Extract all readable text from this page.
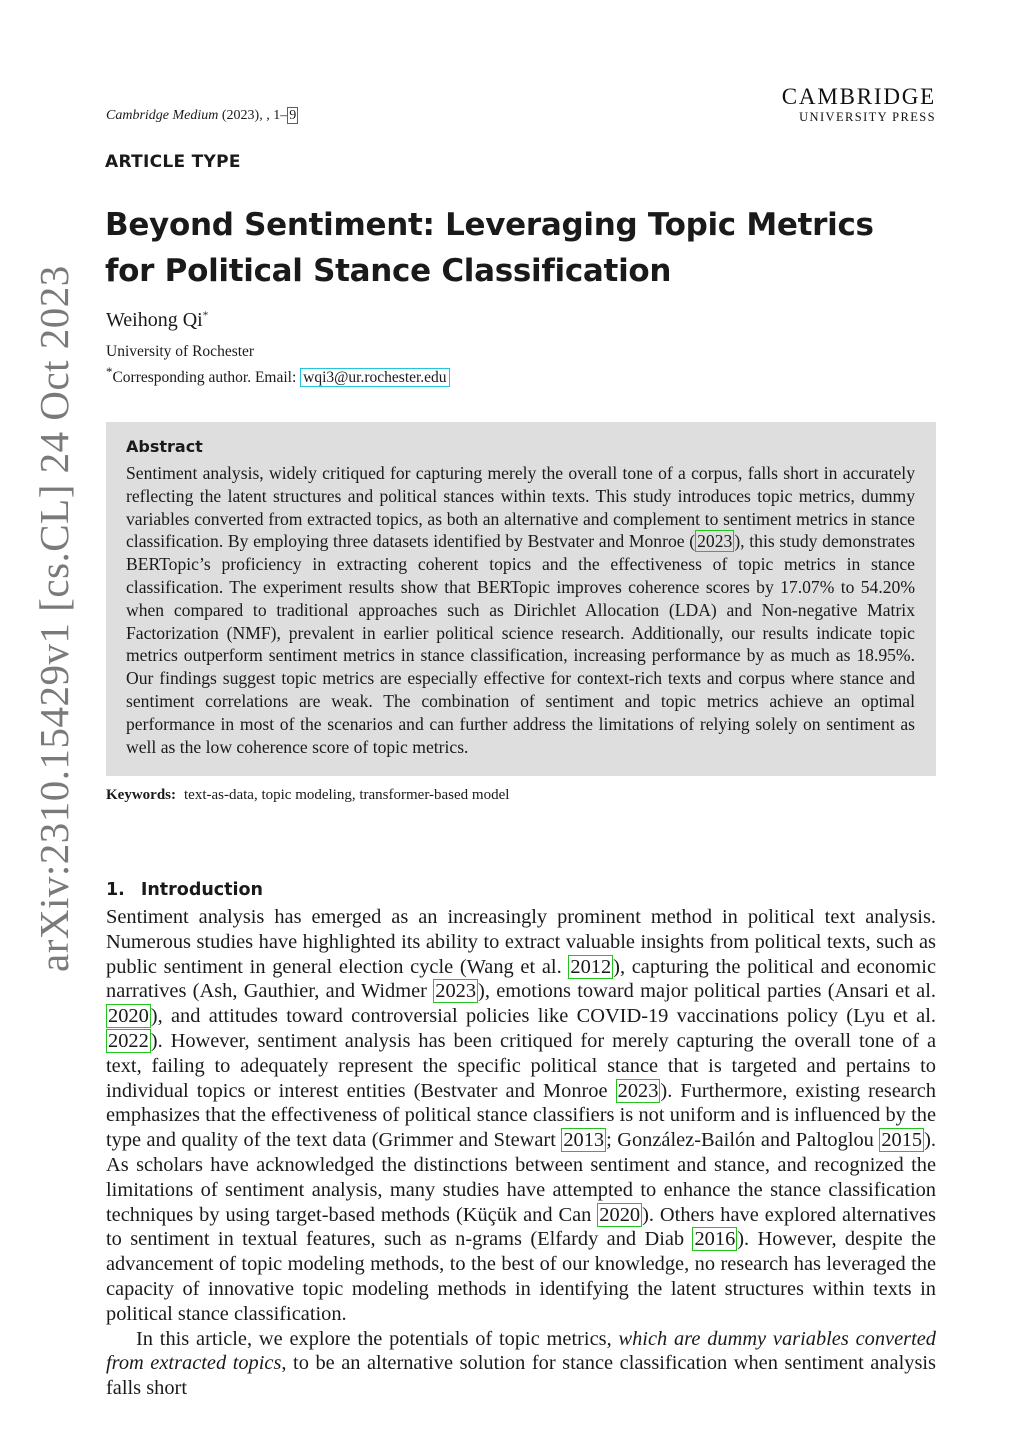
arXiv:2310.15429v1 [cs.CL] 24 Oct 2023
Cambridge Medium (2023), , 1– 9
CAMBRIDGE
UNIVERSITY PRESS
ARTICLE TYPE
Beyond Sentiment: Leveraging Topic Metrics for Political Stance Classification
Weihong Qi*
University of Rochester
*Corresponding author. Email: wqi3@ur.rochester.edu
Abstract
Sentiment analysis, widely critiqued for capturing merely the overall tone of a corpus, falls short in accurately reflecting the latent structures and political stances within texts. This study introduces topic metrics, dummy variables converted from extracted topics, as both an alternative and complement to sentiment metrics in stance classification. By employing three datasets identified by Bestvater and Monroe ( 2023 ), this study demonstrates BERTopic’s proficiency in extracting coherent topics and the effectiveness of topic metrics in stance classification. The experiment results show that BERTopic improves coherence scores by 17.07% to 54.20% when compared to traditional approaches such as Dirichlet Allocation (LDA) and Non-negative Matrix Factorization (NMF), prevalent in earlier political science research. Additionally, our results indicate topic metrics outperform sentiment metrics in stance classification, increasing performance by as much as 18.95%. Our findings suggest topic metrics are especially effective for context-rich texts and corpus where stance and sentiment correlations are weak. The combination of sentiment and topic metrics achieve an optimal performance in most of the scenarios and can further address the limitations of relying solely on sentiment as well as the low coherence score of topic metrics.
Keywords: text-as-data, topic modeling, transformer-based model
1. Introduction

Sentiment analysis has emerged as an increasingly prominent method in political text analysis. Numerous studies have highlighted its ability to extract valuable insights from political texts, such as public sentiment in general election cycle (Wang et al. 2012), capturing the political and economic narratives (Ash, Gauthier, and Widmer 2023), emotions toward major political parties (Ansari et al. 2020), and attitudes toward controversial policies like COVID-19 vaccinations policy (Lyu et al. 2022). However, sentiment analysis has been critiqued for merely capturing the overall tone of a text, failing to adequately represent the specific political stance that is targeted and pertains to individual topics or interest entities (Bestvater and Monroe 2023). Furthermore, existing research emphasizes that the effectiveness of political stance classifiers is not uniform and is influenced by the type and quality of the text data (Grimmer and Stewart 2013; González-Bailón and Paltoglou 2015). As scholars have acknowledged the distinctions between sentiment and stance, and recognized the limitations of sentiment analysis, many studies have attempted to enhance the stance classification techniques by using target-based methods (Küçük and Can 2020). Others have explored alternatives to sentiment in textual features, such as n-grams (Elfardy and Diab 2016). However, despite the advancement of topic modeling methods, to the best of our knowledge, no research has leveraged the capacity of innovative topic modeling methods in identifying the latent structures within texts in political stance classification.

In this article, we explore the potentials of topic metrics, which are dummy variables converted from extracted topics, to be an alternative solution for stance classification when sentiment analysis falls short
